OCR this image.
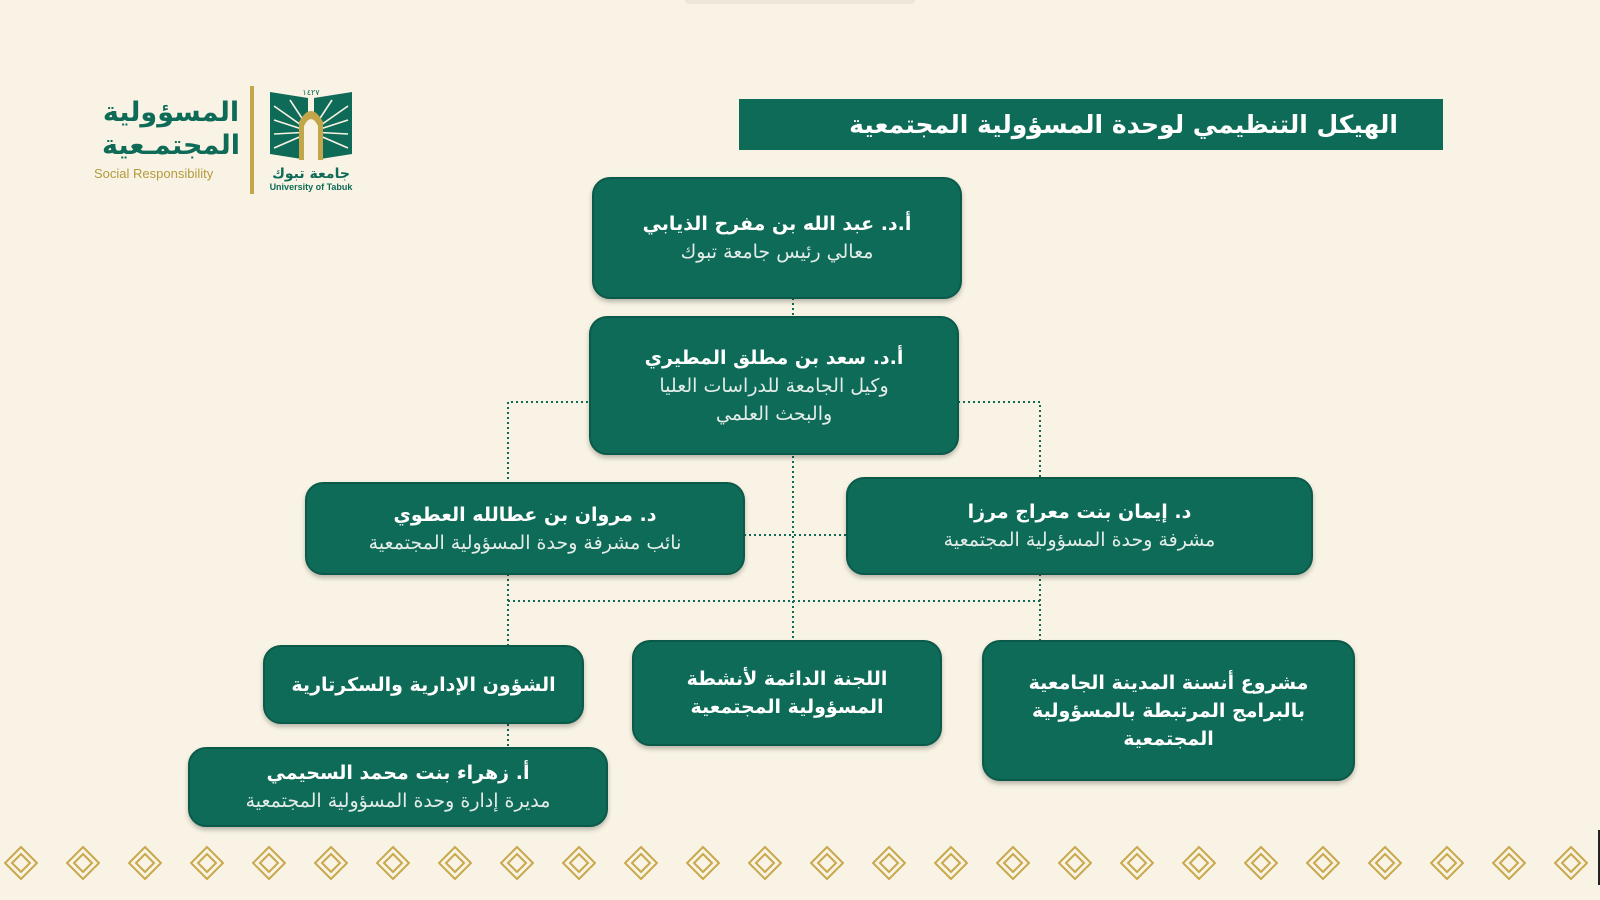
المسؤولية
المجتمـعية
Social Responsibility
١٤٢٧
جامعة تبوك
University of Tabuk
الهيكل التنظيمي لوحدة المسؤولية المجتمعية
أ.د. عبد الله بن مفرح الذيابي
معالي رئيس جامعة تبوك
أ.د. سعد بن مطلق المطيري
وكيل الجامعة للدراسات العليا
والبحث العلمي
د. مروان بن عطالله العطوي
نائب مشرفة وحدة المسؤولية المجتمعية
د. إيمان بنت معراج مرزا
مشرفة وحدة المسؤولية المجتمعية
الشؤون الإدارية والسكرتارية	اللجنة الدائمة لأنشطة
المسؤولية المجتمعية
مشروع أنسنة المدينة الجامعية
بالبرامج المرتبطة بالمسؤولية
المجتمعية
أ. زهراء بنت محمد السحيمي
مديرة إدارة وحدة المسؤولية المجتمعية
